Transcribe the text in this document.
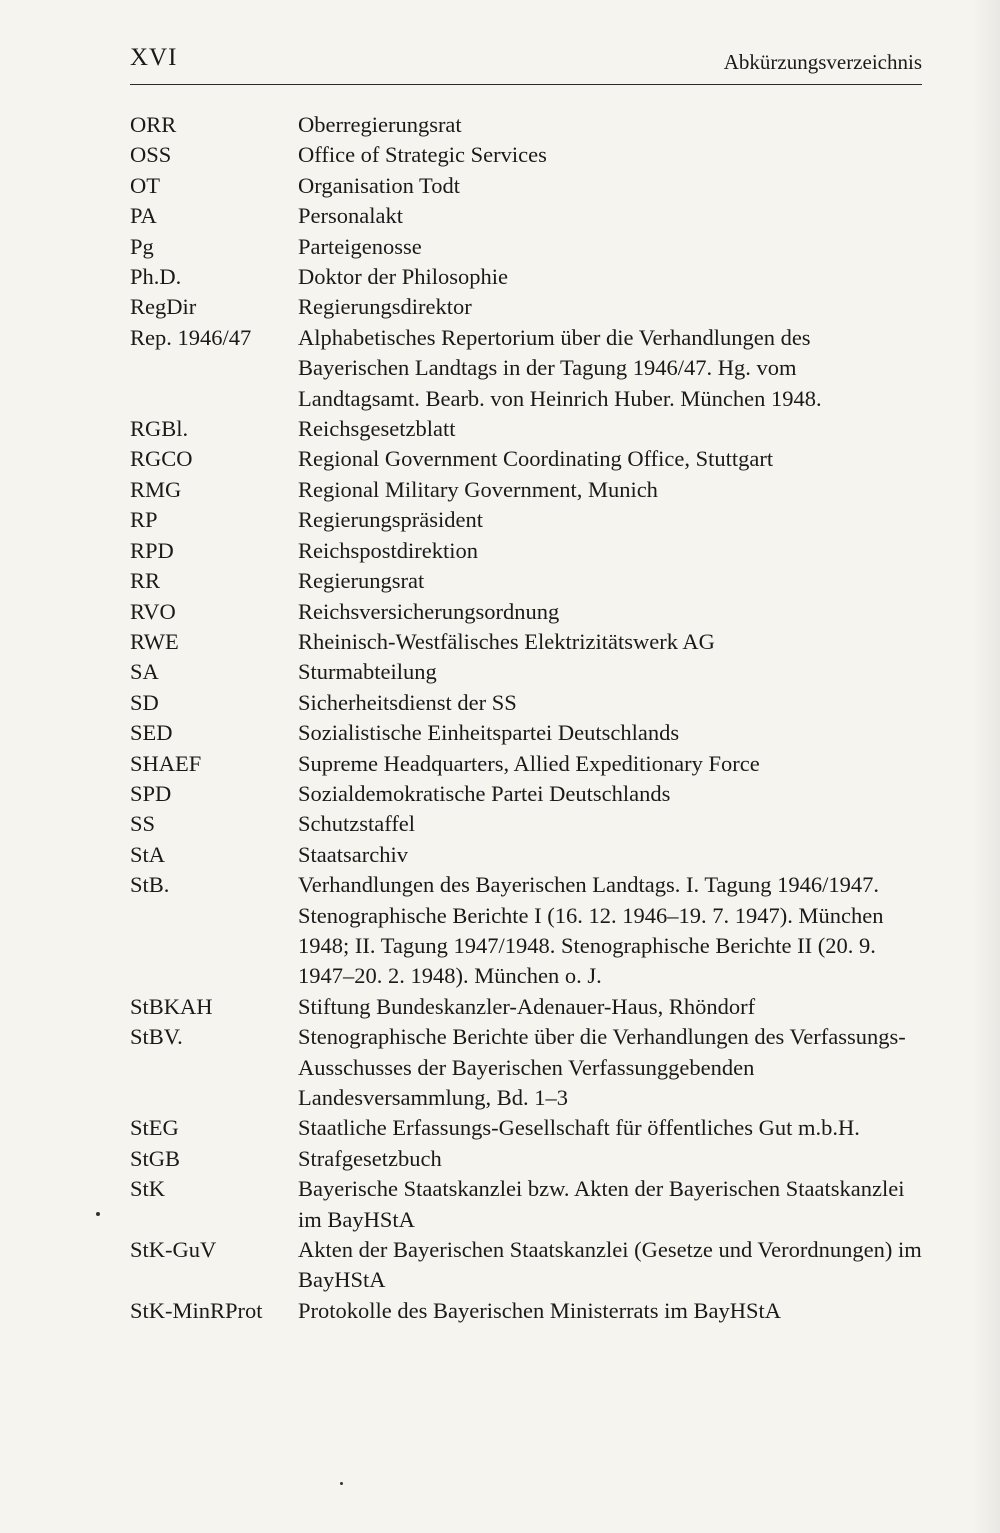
XVI	Abkürzungsverzeichnis
ORR	Oberregierungsrat
OSS	Office of Strategic Services
OT	Organisation Todt
PA	Personalakt
Pg	Parteigenosse
Ph.D.	Doktor der Philosophie
RegDir	Regierungsdirektor
Rep. 1946/47	Alphabetisches Repertorium über die Verhandlungen des Bayerischen Landtags in der Tagung 1946/47. Hg. vom Landtagsamt. Bearb. von Heinrich Huber. München 1948.
RGBl.	Reichsgesetzblatt
RGCO	Regional Government Coordinating Office, Stuttgart
RMG	Regional Military Government, Munich
RP	Regierungspräsident
RPD	Reichspostdirektion
RR	Regierungsrat
RVO	Reichsversicherungsordnung
RWE	Rheinisch-Westfälisches Elektrizitätswerk AG
SA	Sturmabteilung
SD	Sicherheitsdienst der SS
SED	Sozialistische Einheitspartei Deutschlands
SHAEF	Supreme Headquarters, Allied Expeditionary Force
SPD	Sozialdemokratische Partei Deutschlands
SS	Schutzstaffel
StA	Staatsarchiv
StB.	Verhandlungen des Bayerischen Landtags. I. Tagung 1946/1947. Stenographische Berichte I (16. 12. 1946–19. 7. 1947). München 1948; II. Tagung 1947/1948. Stenographische Berichte II (20. 9. 1947–20. 2. 1948). München o. J.
StBKAH	Stiftung Bundeskanzler-Adenauer-Haus, Rhöndorf
StBV.	Stenographische Berichte über die Verhandlungen des Verfassungs-Ausschusses der Bayerischen Verfassunggebenden Landesversammlung, Bd. 1–3
StEG	Staatliche Erfassungs-Gesellschaft für öffentliches Gut m.b.H.
StGB	Strafgesetzbuch
StK	Bayerische Staatskanzlei bzw. Akten der Bayerischen Staatskanzlei im BayHStA
StK-GuV	Akten der Bayerischen Staatskanzlei (Gesetze und Verordnungen) im BayHStA
StK-MinRProt	Protokolle des Bayerischen Ministerrats im BayHStA
